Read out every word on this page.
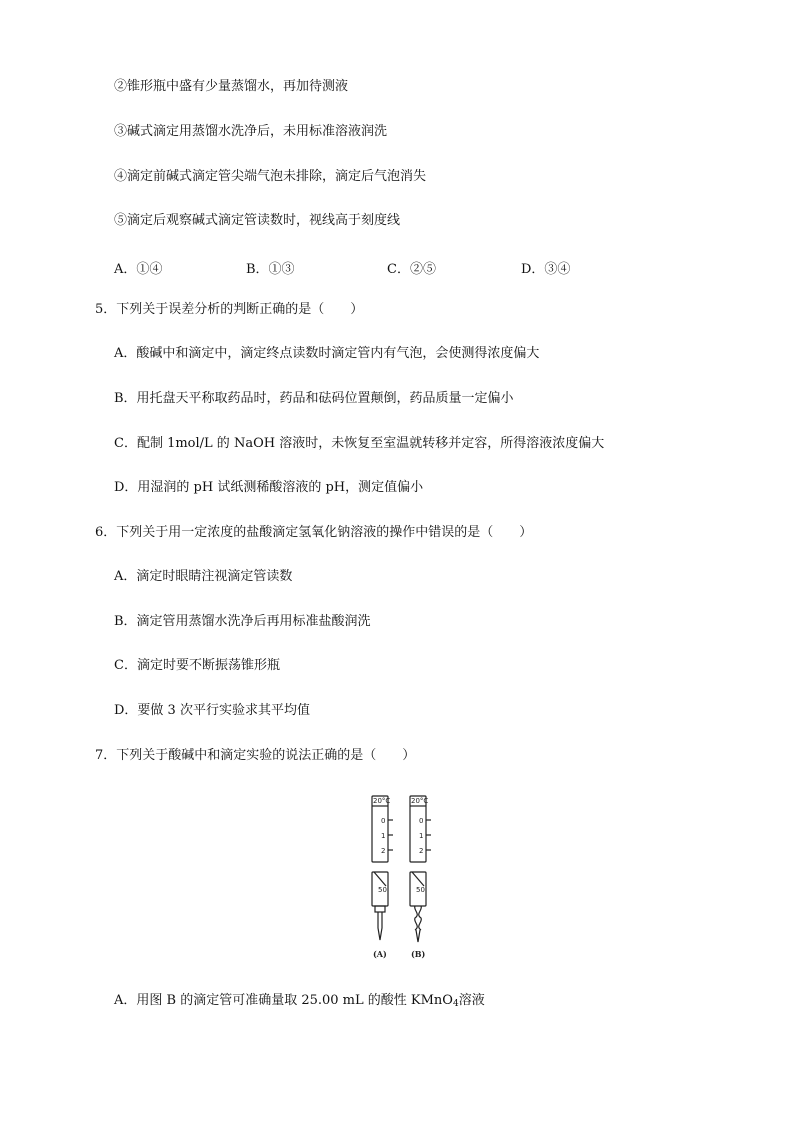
②锥形瓶中盛有少量蒸馏水，再加待测液
③碱式滴定用蒸馏水洗净后，未用标准溶液润洗
④滴定前碱式滴定管尖端气泡未排除，滴定后气泡消失
⑤滴定后观察碱式滴定管读数时，视线高于刻度线
A．①④	B．①③	C．②⑤	D．③④
5．下列关于误差分析的判断正确的是（　　）
A．酸碱中和滴定中，滴定终点读数时滴定管内有气泡，会使测得浓度偏大
B．用托盘天平称取药品时，药品和砝码位置颠倒，药品质量一定偏小
C．配制 1mol/L 的 NaOH 溶液时，未恢复至室温就转移并定容，所得溶液浓度偏大
D．用湿润的 pH 试纸测稀酸溶液的 pH，测定值偏小
6．下列关于用一定浓度的盐酸滴定氢氧化钠溶液的操作中错误的是（　　）
A．滴定时眼睛注视滴定管读数
B．滴定管用蒸馏水洗净后再用标准盐酸润洗
C．滴定时要不断振荡锥形瓶
D．要做 3 次平行实验求其平均值
7．下列关于酸碱中和滴定实验的说法正确的是（　　）
20°C	20°C
0
1
2
0
1
2
50	50
(A)	(B)
A．用图 B 的滴定管可准确量取 25.00 mL 的酸性 KMnO$_4$溶液
